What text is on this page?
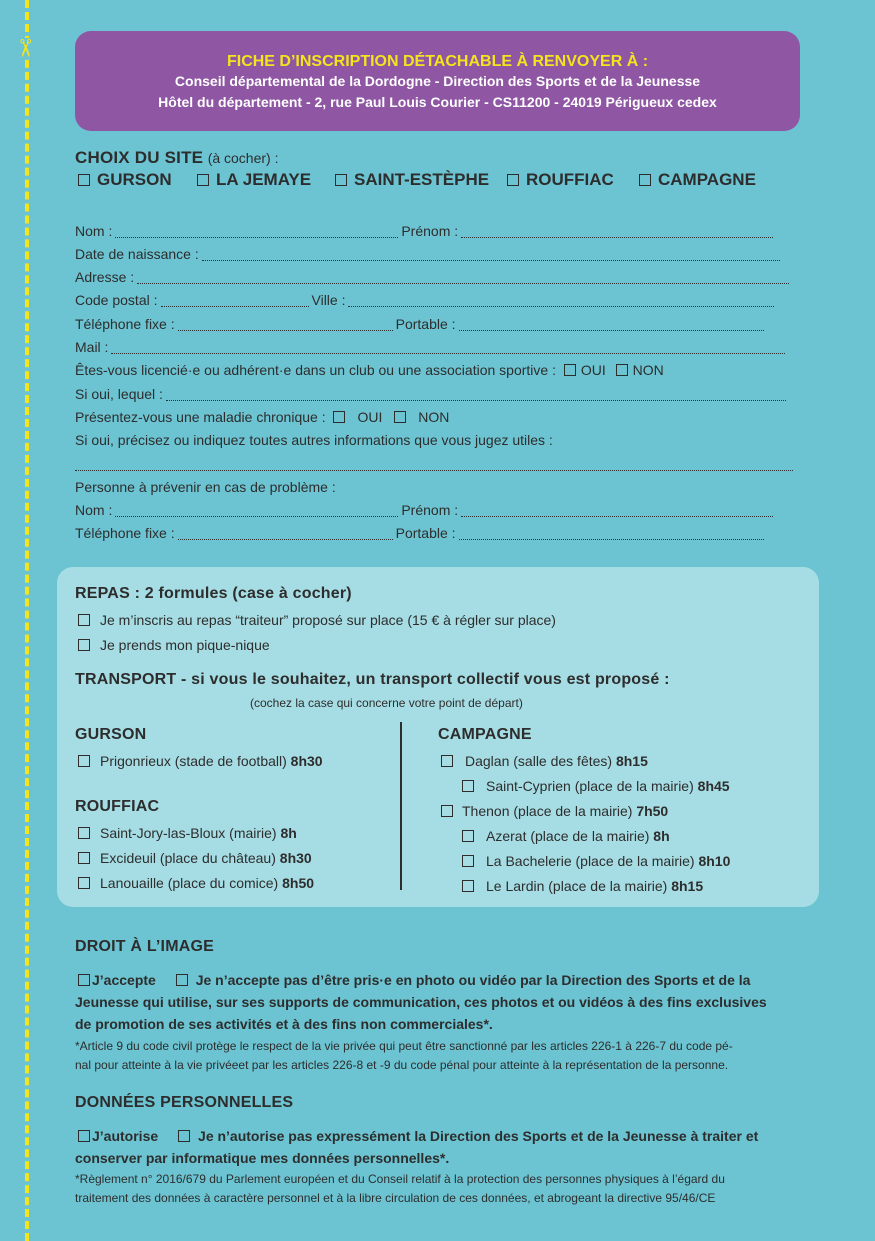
✂
FICHE D’INSCRIPTION DÉTACHABLE À RENVOYER À :
Conseil départemental de la Dordogne - Direction des Sports et de la Jeunesse
Hôtel du département - 2, rue Paul Louis Courier - CS11200 - 24019 Périgueux cedex
CHOIX DU SITE (à cocher) :
GURSON	LA JEMAYE	SAINT-ESTÈPHE	ROUFFIAC	CAMPAGNE
Nom :	Prénom :
Date de naissance :
Adresse :
Code postal :	Ville :
Téléphone fixe :	Portable :
Mail :
Êtes-vous licencié·e ou adhérent·e dans un club ou une association sportive : OUI NON
Si oui, lequel :
Présentez-vous une maladie chronique : OUI	NON
Si oui, précisez ou indiquez toutes autres informations que vous jugez utiles :
Personne à prévenir en cas de problème :
Nom :	Prénom :
Téléphone fixe :	Portable :
REPAS : 2 formules (case à cocher)
Je m’inscris au repas “traiteur” proposé sur place (15 € à régler sur place)
Je prends mon pique-nique
TRANSPORT - si vous le souhaitez, un transport collectif vous est proposé :
(cochez la case qui concerne votre point de départ)
GURSON
Prigonrieux (stade de football) 8h30
ROUFFIAC
Saint-Jory-las-Bloux (mairie) 8h
Excideuil (place du château) 8h30
Lanouaille (place du comice) 8h50
CAMPAGNE
Daglan (salle des fêtes) 8h15
Saint-Cyprien (place de la mairie) 8h45
Thenon (place de la mairie) 7h50
Azerat (place de la mairie) 8h
La Bachelerie (place de la mairie) 8h10
Le Lardin (place de la mairie) 8h15
DROIT À L’IMAGE
J’accepte	Je n’accepte pas d’être pris·e en photo ou vidéo par la Direction des Sports et de la
Jeunesse qui utilise, sur ses supports de communication, ces photos et ou vidéos à des fins exclusives
de promotion de ses activités et à des fins non commerciales*.
*Article 9 du code civil protège le respect de la vie privée qui peut être sanctionné par les articles 226-1 à 226-7 du code pé-
nal pour atteinte à la vie privéeet par les articles 226-8 et -9 du code pénal pour atteinte à la représentation de la personne.
DONNÉES PERSONNELLES
J’autorise	Je n’autorise pas expressément la Direction des Sports et de la Jeunesse à traiter et
conserver par informatique mes données personnelles*.
*Règlement n° 2016/679 du Parlement européen et du Conseil relatif à la protection des personnes physiques à l’égard du
traitement des données à caractère personnel et à la libre circulation de ces données, et abrogeant la directive 95/46/CE
